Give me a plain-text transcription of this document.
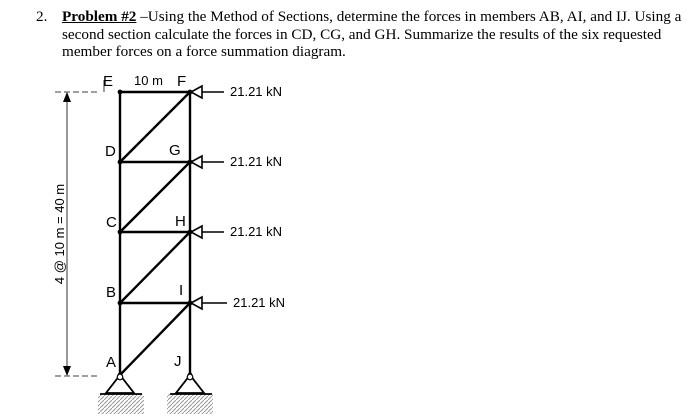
2. Problem #2 –Using the Method of Sections, determine the forces in members AB, AI, and IJ. Using a second section calculate the forces in CD, CG, and GH. Summarize the results of the six requested member forces on a force summation diagram.
21.21 kN
21.21 kN
21.21 kN
21.21 kN
10 m
4 @ 10 m = 40 m
E	F
D	G
C	H
B	I
A	J
